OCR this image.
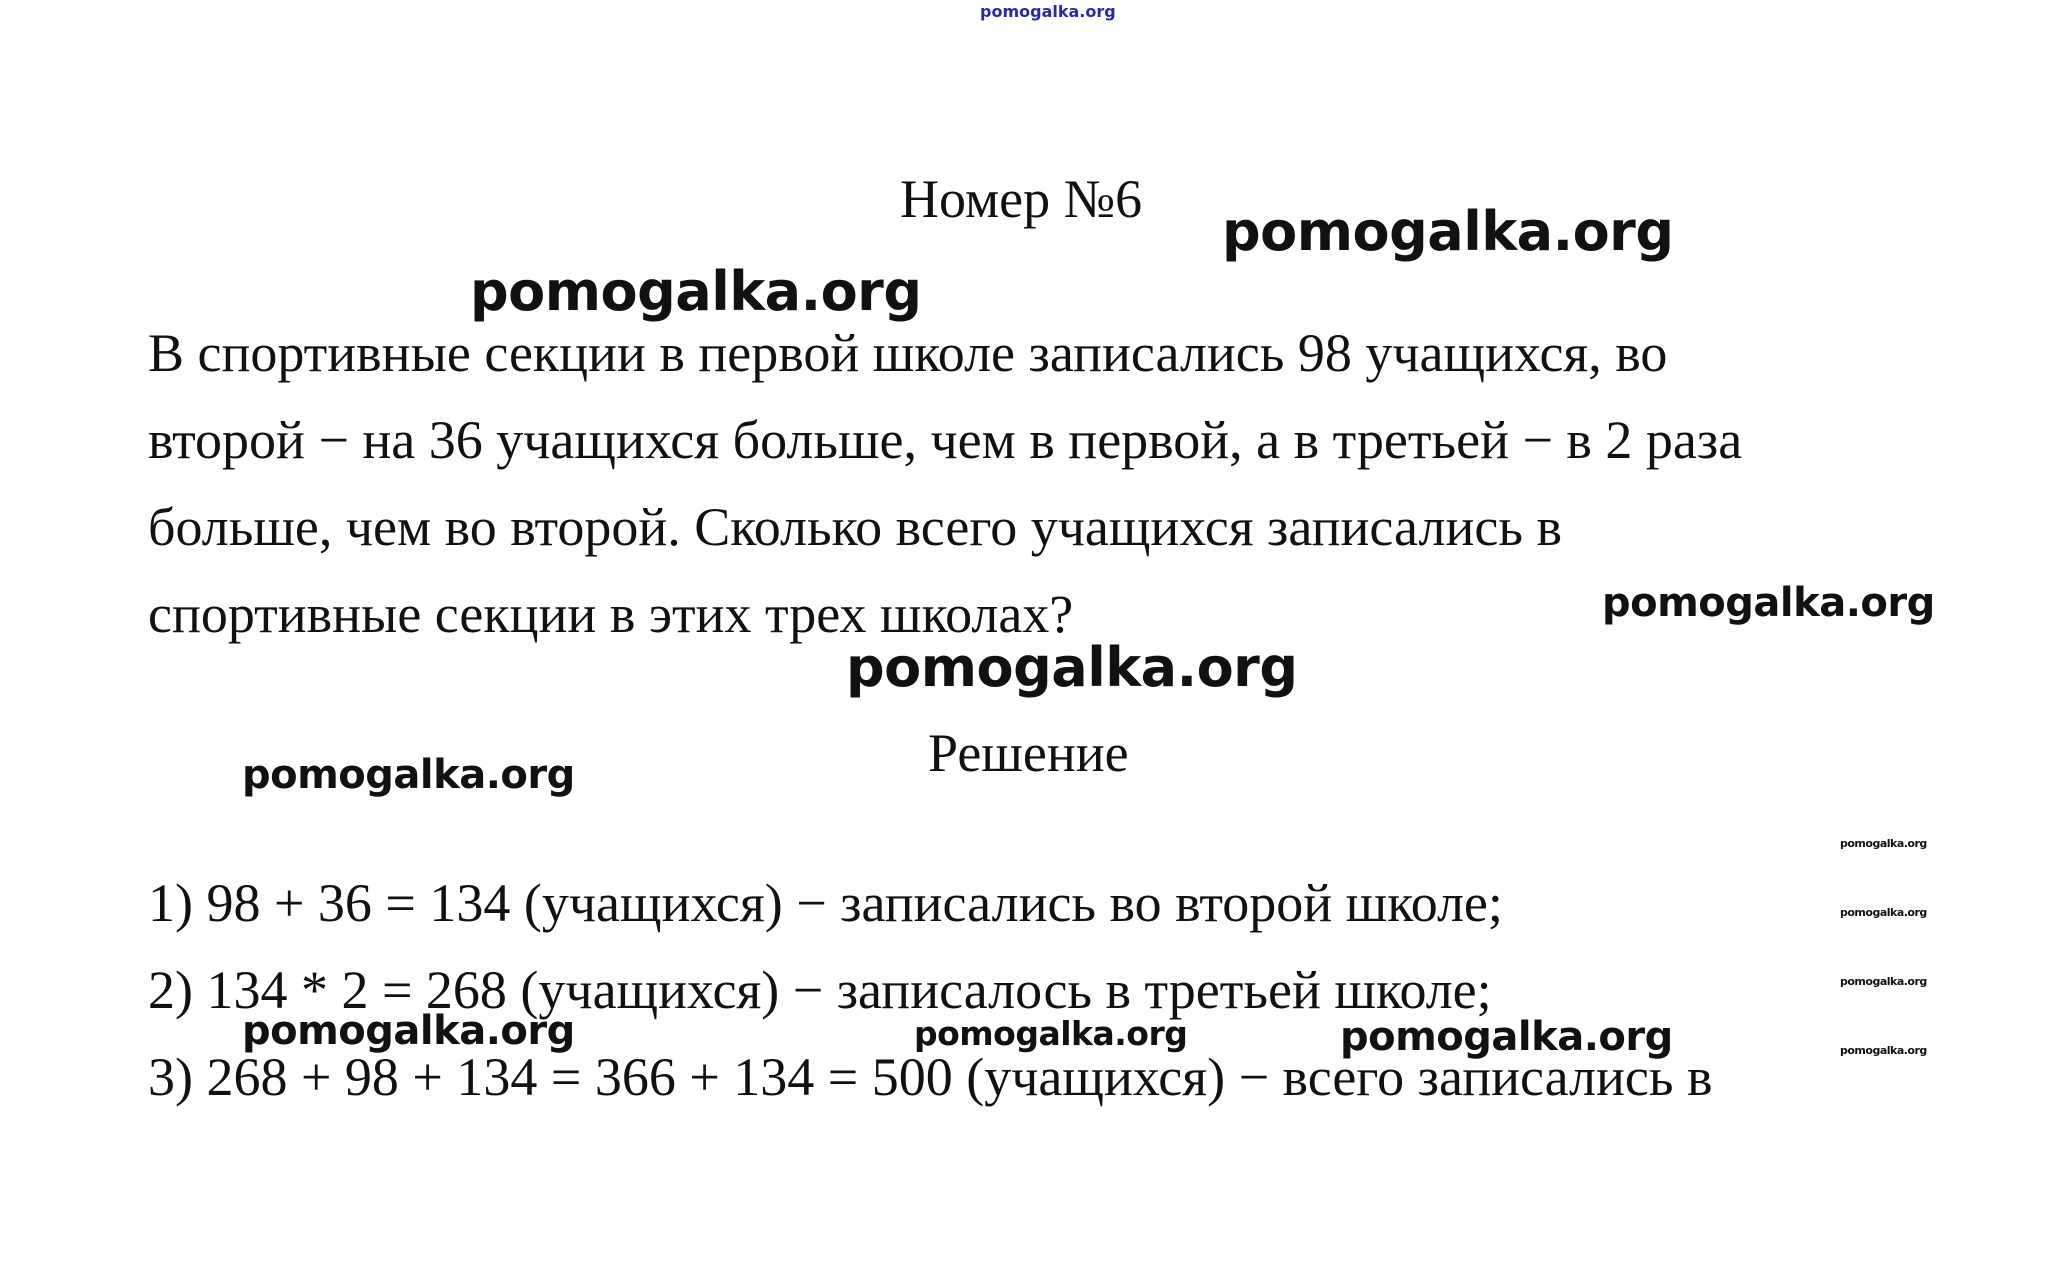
pomogalka.org
Номер №6
В спортивные секции в первой школе записались 98 учащихся, во
второй − на 36 учащихся больше, чем в первой, а в третьей − в 2 раза
больше, чем во второй. Сколько всего учащихся записались в
спортивные секции в этих трех школах?
Решение
1) 98 + 36 = 134 (учащихся) − записались во второй школе;
2) 134 * 2 = 268 (учащихся) − записалось в третьей школе;
3) 268 + 98 + 134 = 366 + 134 = 500 (учащихся) − всего записались в
pomogalka.org
pomogalka.org
pomogalka.org
pomogalka.org
pomogalka.org
pomogalka.org
pomogalka.org
pomogalka.org
pomogalka.org	pomogalka.org	pomogalka.org	pomogalka.org
